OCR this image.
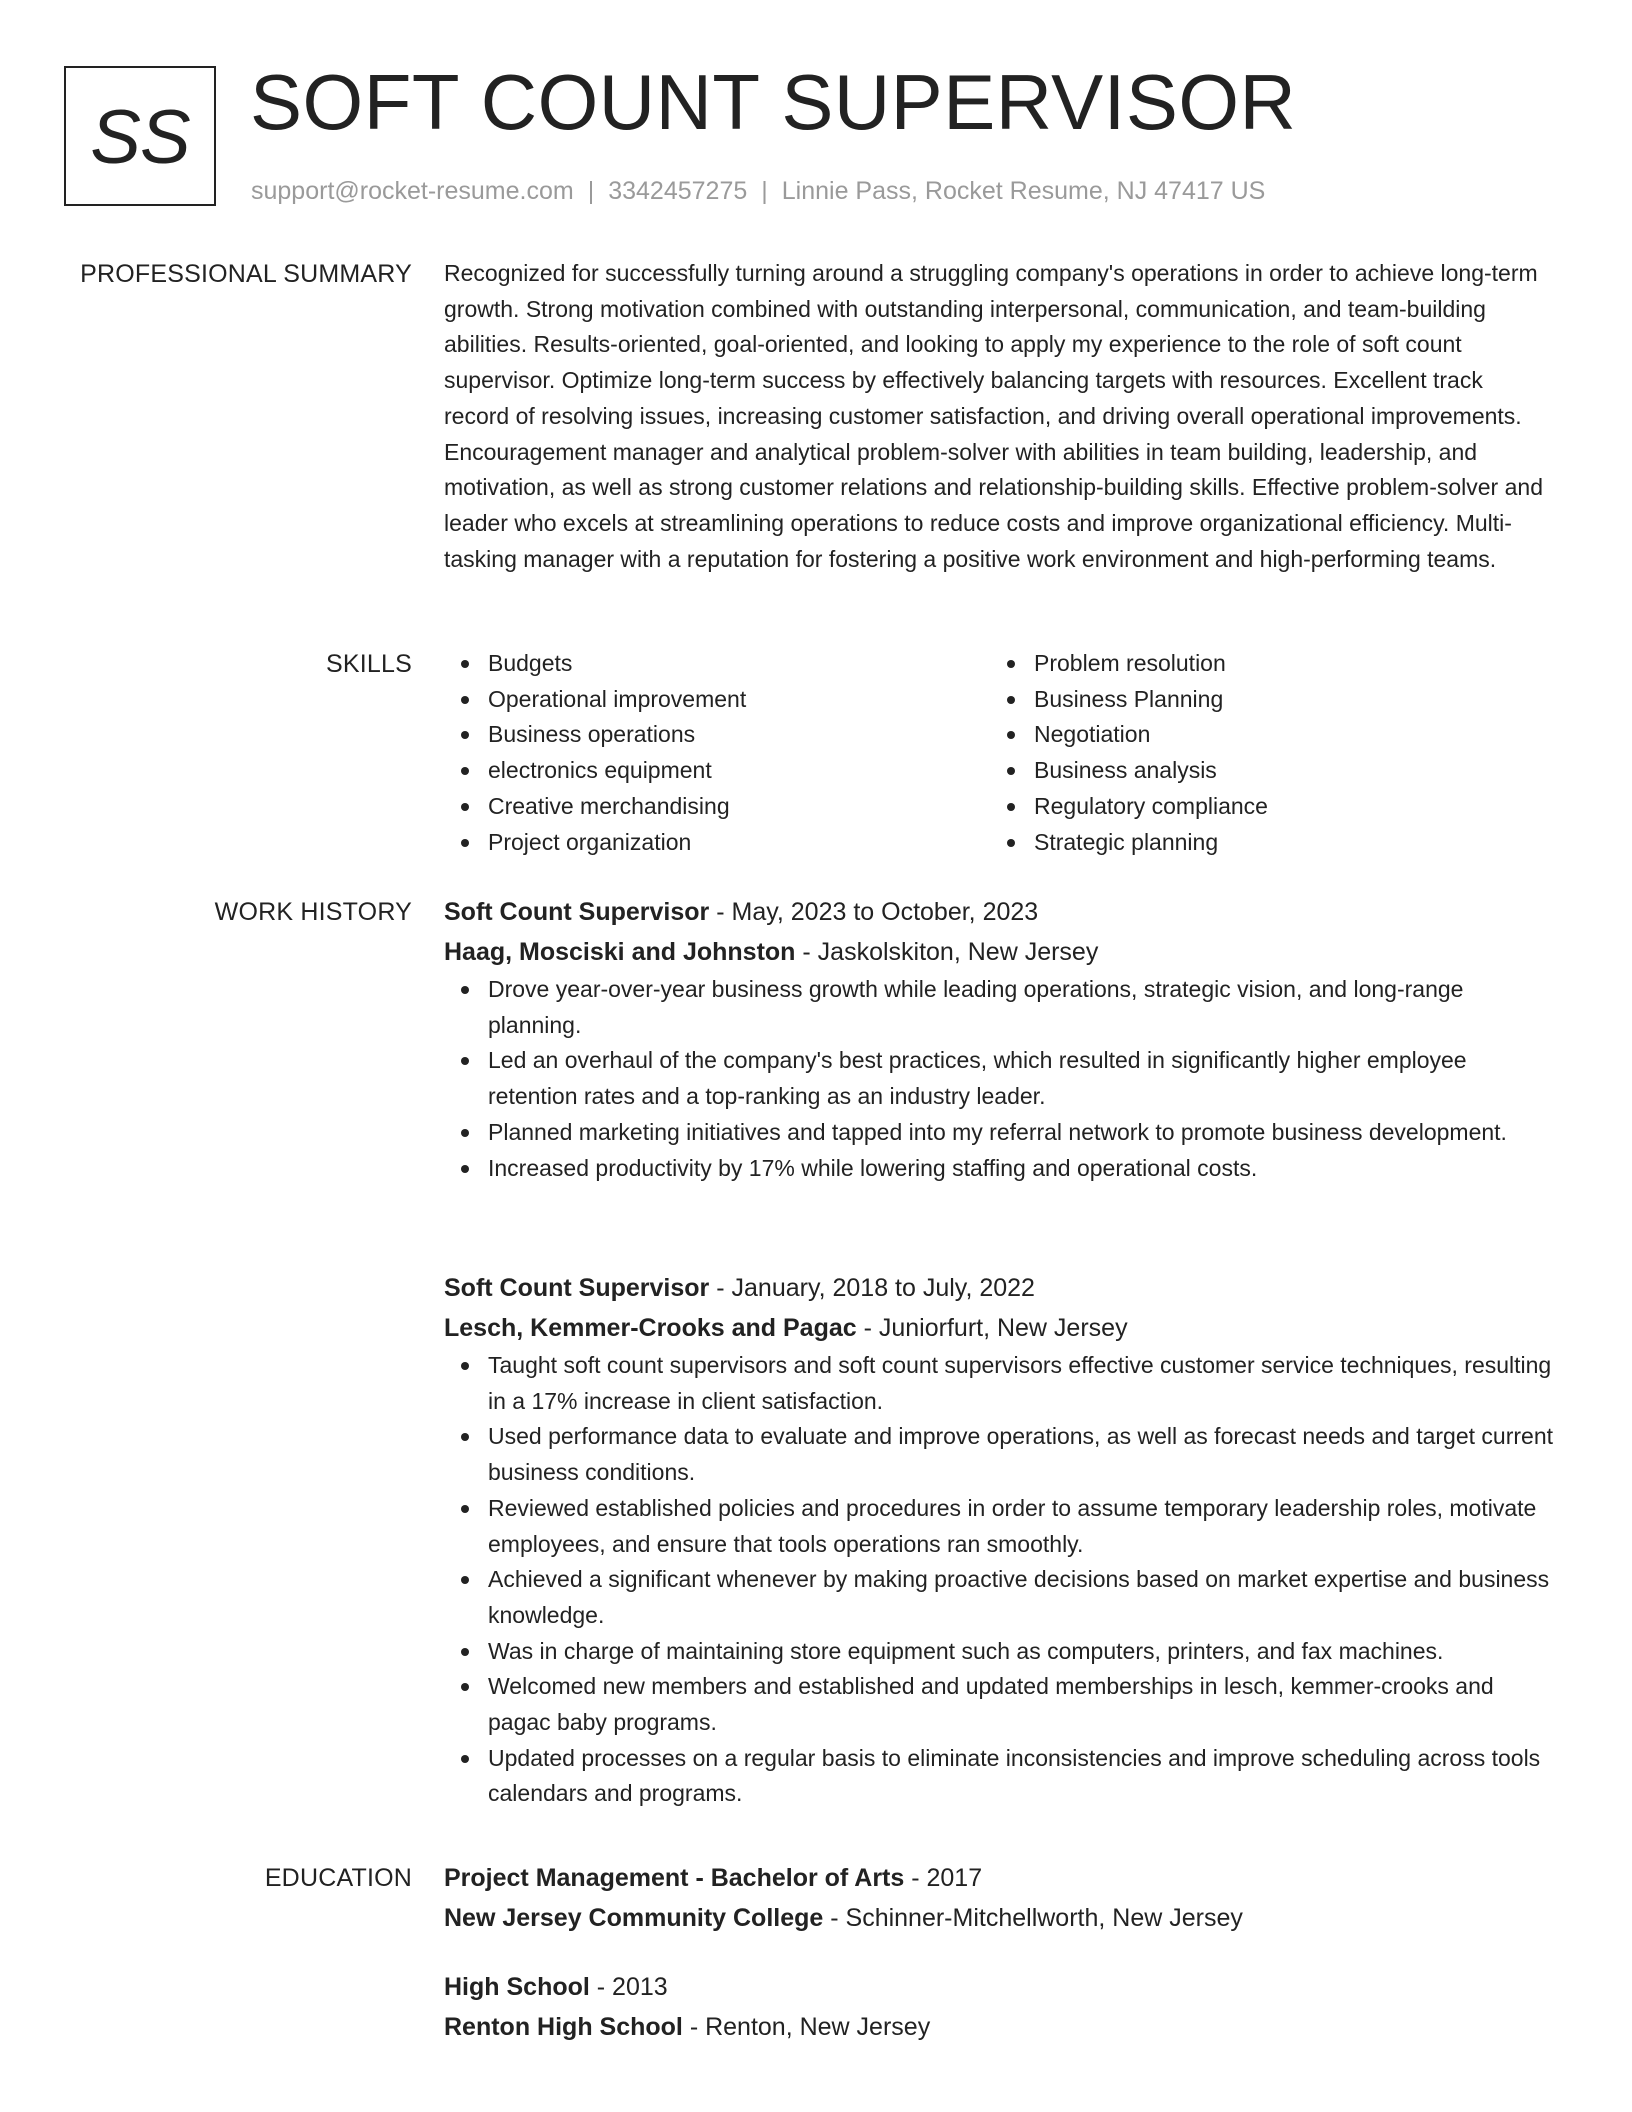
SS SOFT COUNT SUPERVISOR
support@rocket-resume.com | 3342457275 | Linnie Pass, Rocket Resume, NJ 47417 US
PROFESSIONAL SUMMARY Recognized for successfully turning around a struggling company's operations in order to achieve long-term growth. Strong motivation combined with outstanding interpersonal, communication, and team-building abilities. Results-oriented, goal-oriented, and looking to apply my experience to the role of soft count supervisor. Optimize long-term success by effectively balancing targets with resources. Excellent track record of resolving issues, increasing customer satisfaction, and driving overall operational improvements. Encouragement manager and analytical problem-solver with abilities in team building, leadership, and motivation, as well as strong customer relations and relationship-building skills. Effective problem-solver and leader who excels at streamlining operations to reduce costs and improve organizational efficiency. Multi-tasking manager with a reputation for fostering a positive work environment and high-performing teams.

SKILLS	Budgets
Operational improvement
Business operations
electronics equipment
Creative merchandising
Project organization
Problem resolution
Business Planning
Negotiation
Business analysis
Regulatory compliance
Strategic planning
WORK HISTORY Soft Count Supervisor - May, 2023 to October, 2023
Haag, Mosciski and Johnston - Jaskolskiton, New Jersey
Drove year-over-year business growth while leading operations, strategic vision, and long-range planning.
Led an overhaul of the company's best practices, which resulted in significantly higher employee retention rates and a top-ranking as an industry leader.
Planned marketing initiatives and tapped into my referral network to promote business development.
Increased productivity by 17% while lowering staffing and operational costs.
Soft Count Supervisor - January, 2018 to July, 2022
Lesch, Kemmer-Crooks and Pagac - Juniorfurt, New Jersey
Taught soft count supervisors and soft count supervisors effective customer service techniques, resulting in a 17% increase in client satisfaction.
Used performance data to evaluate and improve operations, as well as forecast needs and target current business conditions.
Reviewed established policies and procedures in order to assume temporary leadership roles, motivate employees, and ensure that tools operations ran smoothly.
Achieved a significant whenever by making proactive decisions based on market expertise and business knowledge.
Was in charge of maintaining store equipment such as computers, printers, and fax machines.
Welcomed new members and established and updated memberships in lesch, kemmer-crooks and pagac baby programs.
Updated processes on a regular basis to eliminate inconsistencies and improve scheduling across tools calendars and programs.
EDUCATION Project Management - Bachelor of Arts - 2017
New Jersey Community College - Schinner-Mitchellworth, New Jersey
High School - 2013
Renton High School - Renton, New Jersey
